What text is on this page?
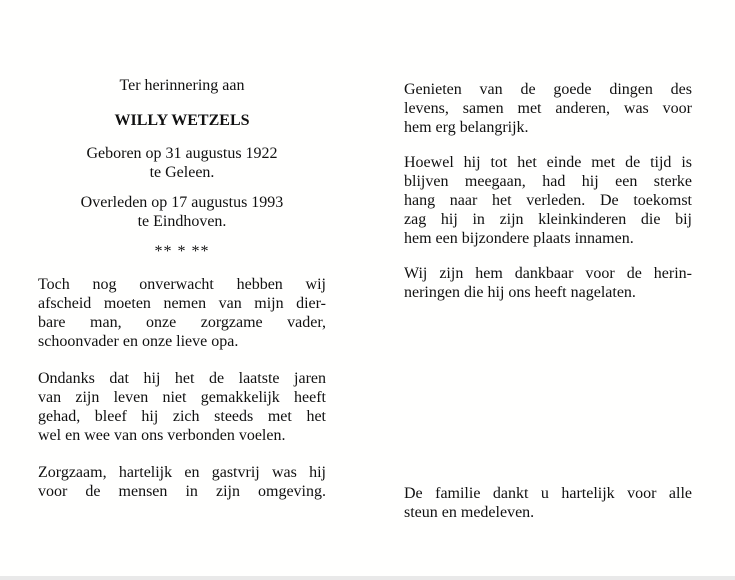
Ter herinnering aan
WILLY WETZELS
Geboren op 31 augustus 1922
te Geleen.
Overleden op 17 augustus 1993
te Eindhoven.
** * **
Toch nog onverwacht hebben wij
afscheid moeten nemen van mijn dier-
bare man, onze zorgzame vader,
schoonvader en onze lieve opa.
Ondanks dat hij het de laatste jaren
van zijn leven niet gemakkelijk heeft
gehad, bleef hij zich steeds met het
wel en wee van ons verbonden voelen.
Zorgzaam, hartelijk en gastvrij was hij
voor de mensen in zijn omgeving.
Genieten van de goede dingen des
levens, samen met anderen, was voor
hem erg belangrijk.
Hoewel hij tot het einde met de tijd is
blijven meegaan, had hij een sterke
hang naar het verleden. De toekomst
zag hij in zijn kleinkinderen die bij
hem een bijzondere plaats innamen.
Wij zijn hem dankbaar voor de herin-
neringen die hij ons heeft nagelaten.
De familie dankt u hartelijk voor alle
steun en medeleven.
